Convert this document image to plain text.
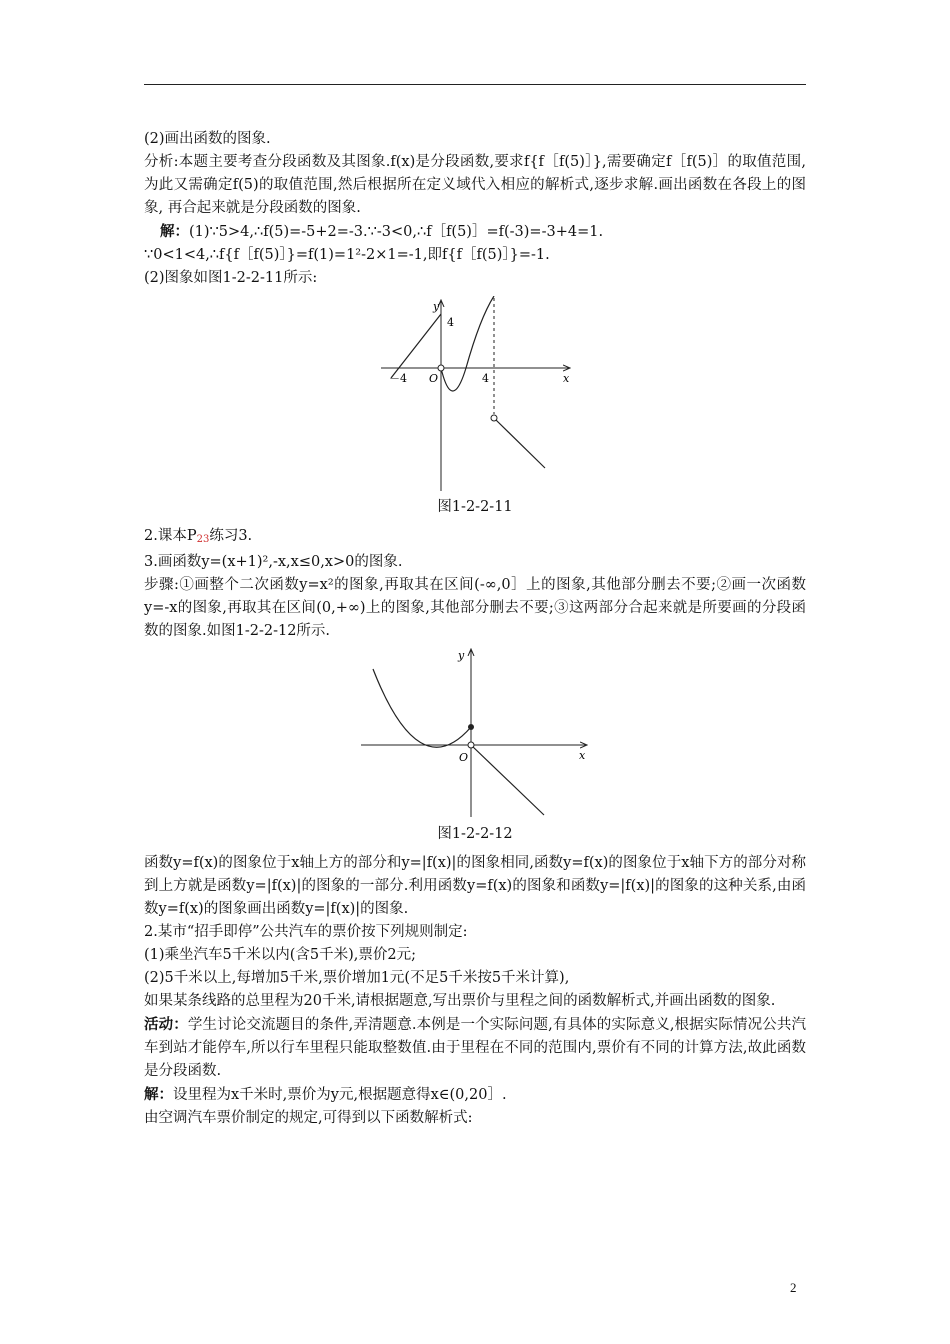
(2)画出函数的图象.

分析:本题主要考查分段函数及其图象.f(x)是分段函数,要求f{f［f(5)］},需要确定f［f(5)］的取值范围,为此又需确定f(5)的取值范围,然后根据所在定义域代入相应的解析式,逐步求解.画出函数在各段上的图象, 再合起来就是分段函数的图象.

解：(1)∵5>4,∴f(5)=-5+2=-3.∵-3<0,∴f［f(5)］=f(-3)=-3+4=1.

∵0<1<4,∴f{f［f(5)］}=f(1)=1²-2×1=-1,即f{f［f(5)］}=-1.

(2)图象如图1-2-2-11所示:

y
x
O
4
－4	4

图1-2-2-11

2.课本P23练习3.

3.画函数y=(x+1)²,-x,x≤0,x>0的图象.

步骤:①画整个二次函数y=x²的图象,再取其在区间(-∞,0］上的图象,其他部分删去不要;②画一次函数y=-x的图象,再取其在区间(0,+∞)上的图象,其他部分删去不要;③这两部分合起来就是所要画的分段函数的图象.如图1-2-2-12所示.

y
x
O

图1-2-2-12

函数y=f(x)的图象位于x轴上方的部分和y=|f(x)|的图象相同,函数y=f(x)的图象位于x轴下方的部分对称到上方就是函数y=|f(x)|的图象的一部分.利用函数y=f(x)的图象和函数y=|f(x)|的图象的这种关系,由函数y=f(x)的图象画出函数y=|f(x)|的图象.

2.某市“招手即停”公共汽车的票价按下列规则制定:

(1)乘坐汽车5千米以内(含5千米),票价2元;

(2)5千米以上,每增加5千米,票价增加1元(不足5千米按5千米计算),

如果某条线路的总里程为20千米,请根据题意,写出票价与里程之间的函数解析式,并画出函数的图象.

活动：学生讨论交流题目的条件,弄清题意.本例是一个实际问题,有具体的实际意义,根据实际情况公共汽车到站才能停车,所以行车里程只能取整数值.由于里程在不同的范围内,票价有不同的计算方法,故此函数是分段函数.

解：设里程为x千米时,票价为y元,根据题意得x∈(0,20］.

由空调汽车票价制定的规定,可得到以下函数解析式:

2
